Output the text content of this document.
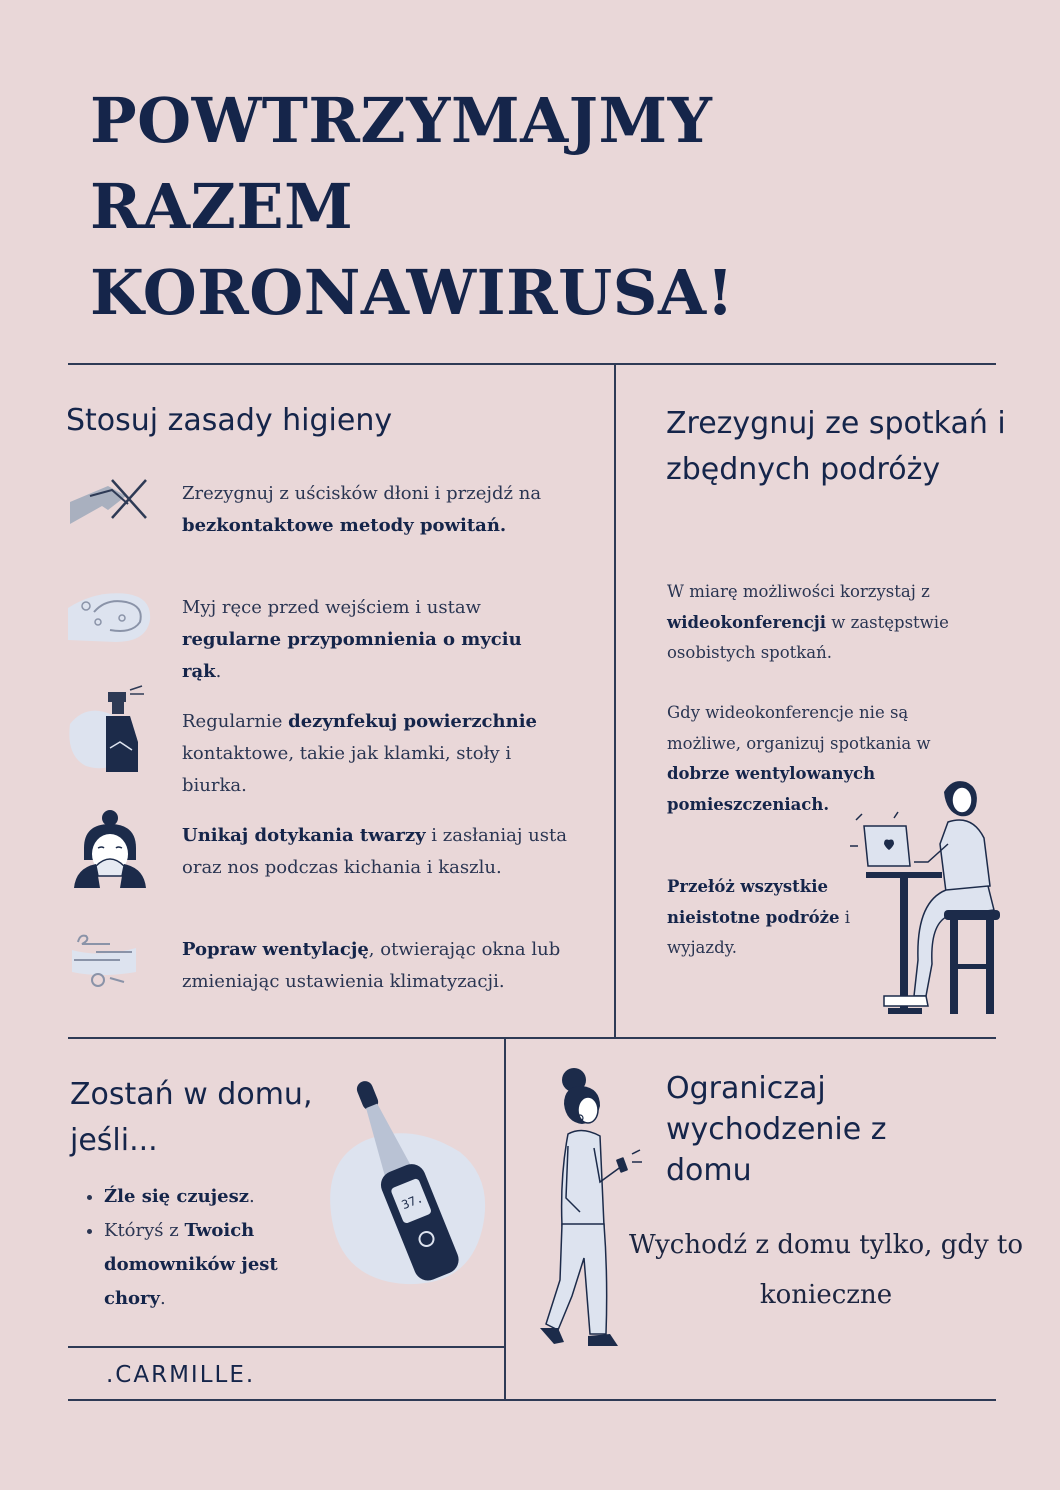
POWTRZYMAJMY
RAZEM
KORONAWIRUSA!
Stosuj zasady higieny

Zrezygnuj z uścisków dłoni i przejdź na bezkontaktowe metody powitań.

Myj ręce przed wejściem i ustaw regularne przypomnienia o myciu rąk.

Regularnie dezynfekuj powierzchnie kontaktowe, takie jak klamki, stoły i biurka.

Unikaj dotykania twarzy i zasłaniaj usta oraz nos podczas kichania i kaszlu.

Popraw wentylację, otwierając okna lub zmieniając ustawienia klimatyzacji.

Zrezygnuj ze spotkań i zbędnych podróży

W miarę możliwości korzystaj z wideokonferencji w zastępstwie osobistych spotkań.

Gdy wideokonferencje nie są możliwe, organizuj spotkania w dobrze wentylowanych pomieszczeniach.

Przełóż wszystkie nieistotne podróże i wyjazdy.

Zostań w domu, jeśli...
• Źle się czujesz.
• Któryś z Twoich domowników jest chory.
37.

.CARMILLE.

Ograniczaj wychodzenie z domu

Wychodź z domu tylko, gdy to konieczne
